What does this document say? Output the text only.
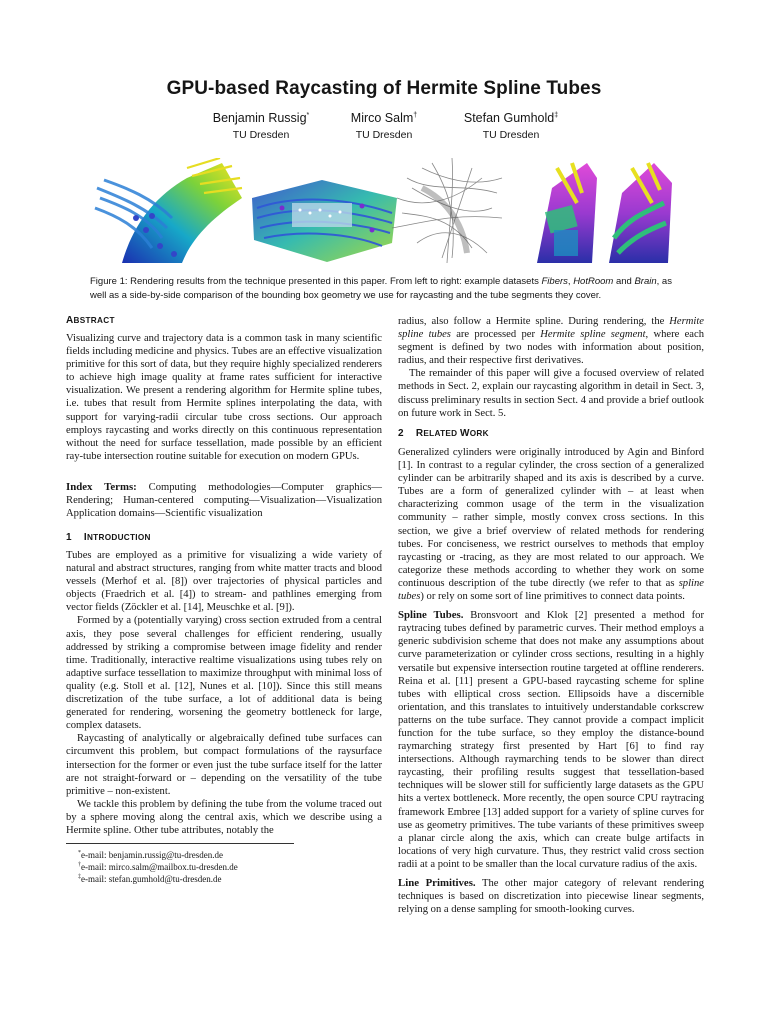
GPU-based Raycasting of Hermite Spline Tubes
Benjamin Russig*
TU Dresden
Mirco Salm†
TU Dresden
Stefan Gumhold‡
TU Dresden
Figure 1: Rendering results from the technique presented in this paper. From left to right: example datasets Fibers, HotRoom and Brain, as well as a side-by-side comparison of the bounding box geometry we use for raycasting and the tube segments they cover.
ABSTRACT

Visualizing curve and trajectory data is a common task in many scientific fields including medicine and physics. Tubes are an effective visualization primitive for this sort of data, but they require highly specialized renderers to achieve high image quality at frame rates sufficient for interactive visualization. We present a rendering algorithm for Hermite spline tubes, i.e. tubes that result from Hermite splines interpolating the data, with support for varying-radii circular tube cross sections. Our approach employs raycasting and works directly on this continuous representation without the need for surface tessellation, made possible by an efficient ray-tube intersection routine suitable for execution on modern GPUs.

Index Terms: Computing methodologies—Computer graphics—Rendering; Human-centered computing—Visualization—Visualization Application domains—Scientific visualization

1 INTRODUCTION

Tubes are employed as a primitive for visualizing a wide variety of natural and abstract structures, ranging from white matter tracts and blood vessels (Merhof et al. [8]) over trajectories of physical particles and objects (Fraedrich et al. [4]) to stream- and pathlines emerging from vector fields (Zöckler et al. [14], Meuschke et al. [9]).

Formed by a (potentially varying) cross section extruded from a central axis, they pose several challenges for efficient rendering, usually addressed by striking a compromise between image fidelity and render time. Traditionally, interactive realtime visualizations using tubes rely on adaptive surface tessellation to maximize throughput with minimal loss of quality (e.g. Stoll et al. [12], Nunes et al. [10]). Since this still means discretization of the tube surface, a lot of additional data is being generated for rendering, worsening the geometry bottleneck for large, complex datasets.

Raycasting of analytically or algebraically defined tube surfaces can circumvent this problem, but compact formulations of the raysurface intersection for the former or even just the tube surface itself for the latter are not straight-forward or – depending on the versatility of the tube primitive – non-existent.

We tackle this problem by defining the tube from the volume traced out by a sphere moving along the central axis, which we describe using a Hermite spline. Other tube attributes, notably the

*e-mail: benjamin.russig@tu-dresden.de
†e-mail: mirco.salm@mailbox.tu-dresden.de
‡e-mail: stefan.gumhold@tu-dresden.de

radius, also follow a Hermite spline. During rendering, the Hermite spline tubes are processed per Hermite spline segment, where each segment is defined by two nodes with information about position, radius, and their respective first derivatives.

The remainder of this paper will give a focused overview of related methods in Sect. 2, explain our raycasting algorithm in detail in Sect. 3, discuss preliminary results in section Sect. 4 and provide a brief outlook on future work in Sect. 5.

2 RELATED WORK

Generalized cylinders were originally introduced by Agin and Binford [1]. In contrast to a regular cylinder, the cross section of a generalized cylinder can be arbitrarily shaped and its axis is described by a curve. Tubes are a form of generalized cylinder with – at least when characterizing common usage of the term in the visualization community – rather simple, mostly convex cross sections. In this section, we give a brief overview of related methods for rendering tubes. For conciseness, we restrict ourselves to methods that employ raycasting or -tracing, as they are most related to our approach. We categorize these methods according to whether they work on some continuous description of the tube directly (we refer to that as spline tubes) or rely on some sort of line primitives to connect data points.

Spline Tubes. Bronsvoort and Klok [2] presented a method for raytracing tubes defined by parametric curves. Their method employs a generic subdivision scheme that does not make any assumptions about curve parameterization or cylinder cross sections, resulting in a highly versatile but expensive intersection routine targeted at offline renderers. Reina et al. [11] present a GPU-based raycasting scheme for spline tubes with elliptical cross section. Ellipsoids have a discernible orientation, and this translates to intuitively understandable corkscrew patterns on the tube surface. They cannot provide a compact implicit function for the tube surface, so they employ the distance-bound raymarching strategy first presented by Hart [6] to find ray intersections. Although raymarching tends to be slower than direct raycasting, their profiling results suggest that tessellation-based techniques will be slower still for sufficiently large datasets as the GPU hits a vertex bottleneck. More recently, the open source CPU raytracing framework Embree [13] added support for a variety of spline curves for use as geometry primitives. The tube variants of these primitives sweep a planar circle along the axis, which can create bulge artifacts in locations of very high curvature. Thus, they restrict valid cross section radii at a point to be smaller than the local curvature radius of the axis.

Line Primitives. The other major category of relevant rendering techniques is based on discretization into piecewise linear segments, relying on a dense sampling for smooth-looking curves.
